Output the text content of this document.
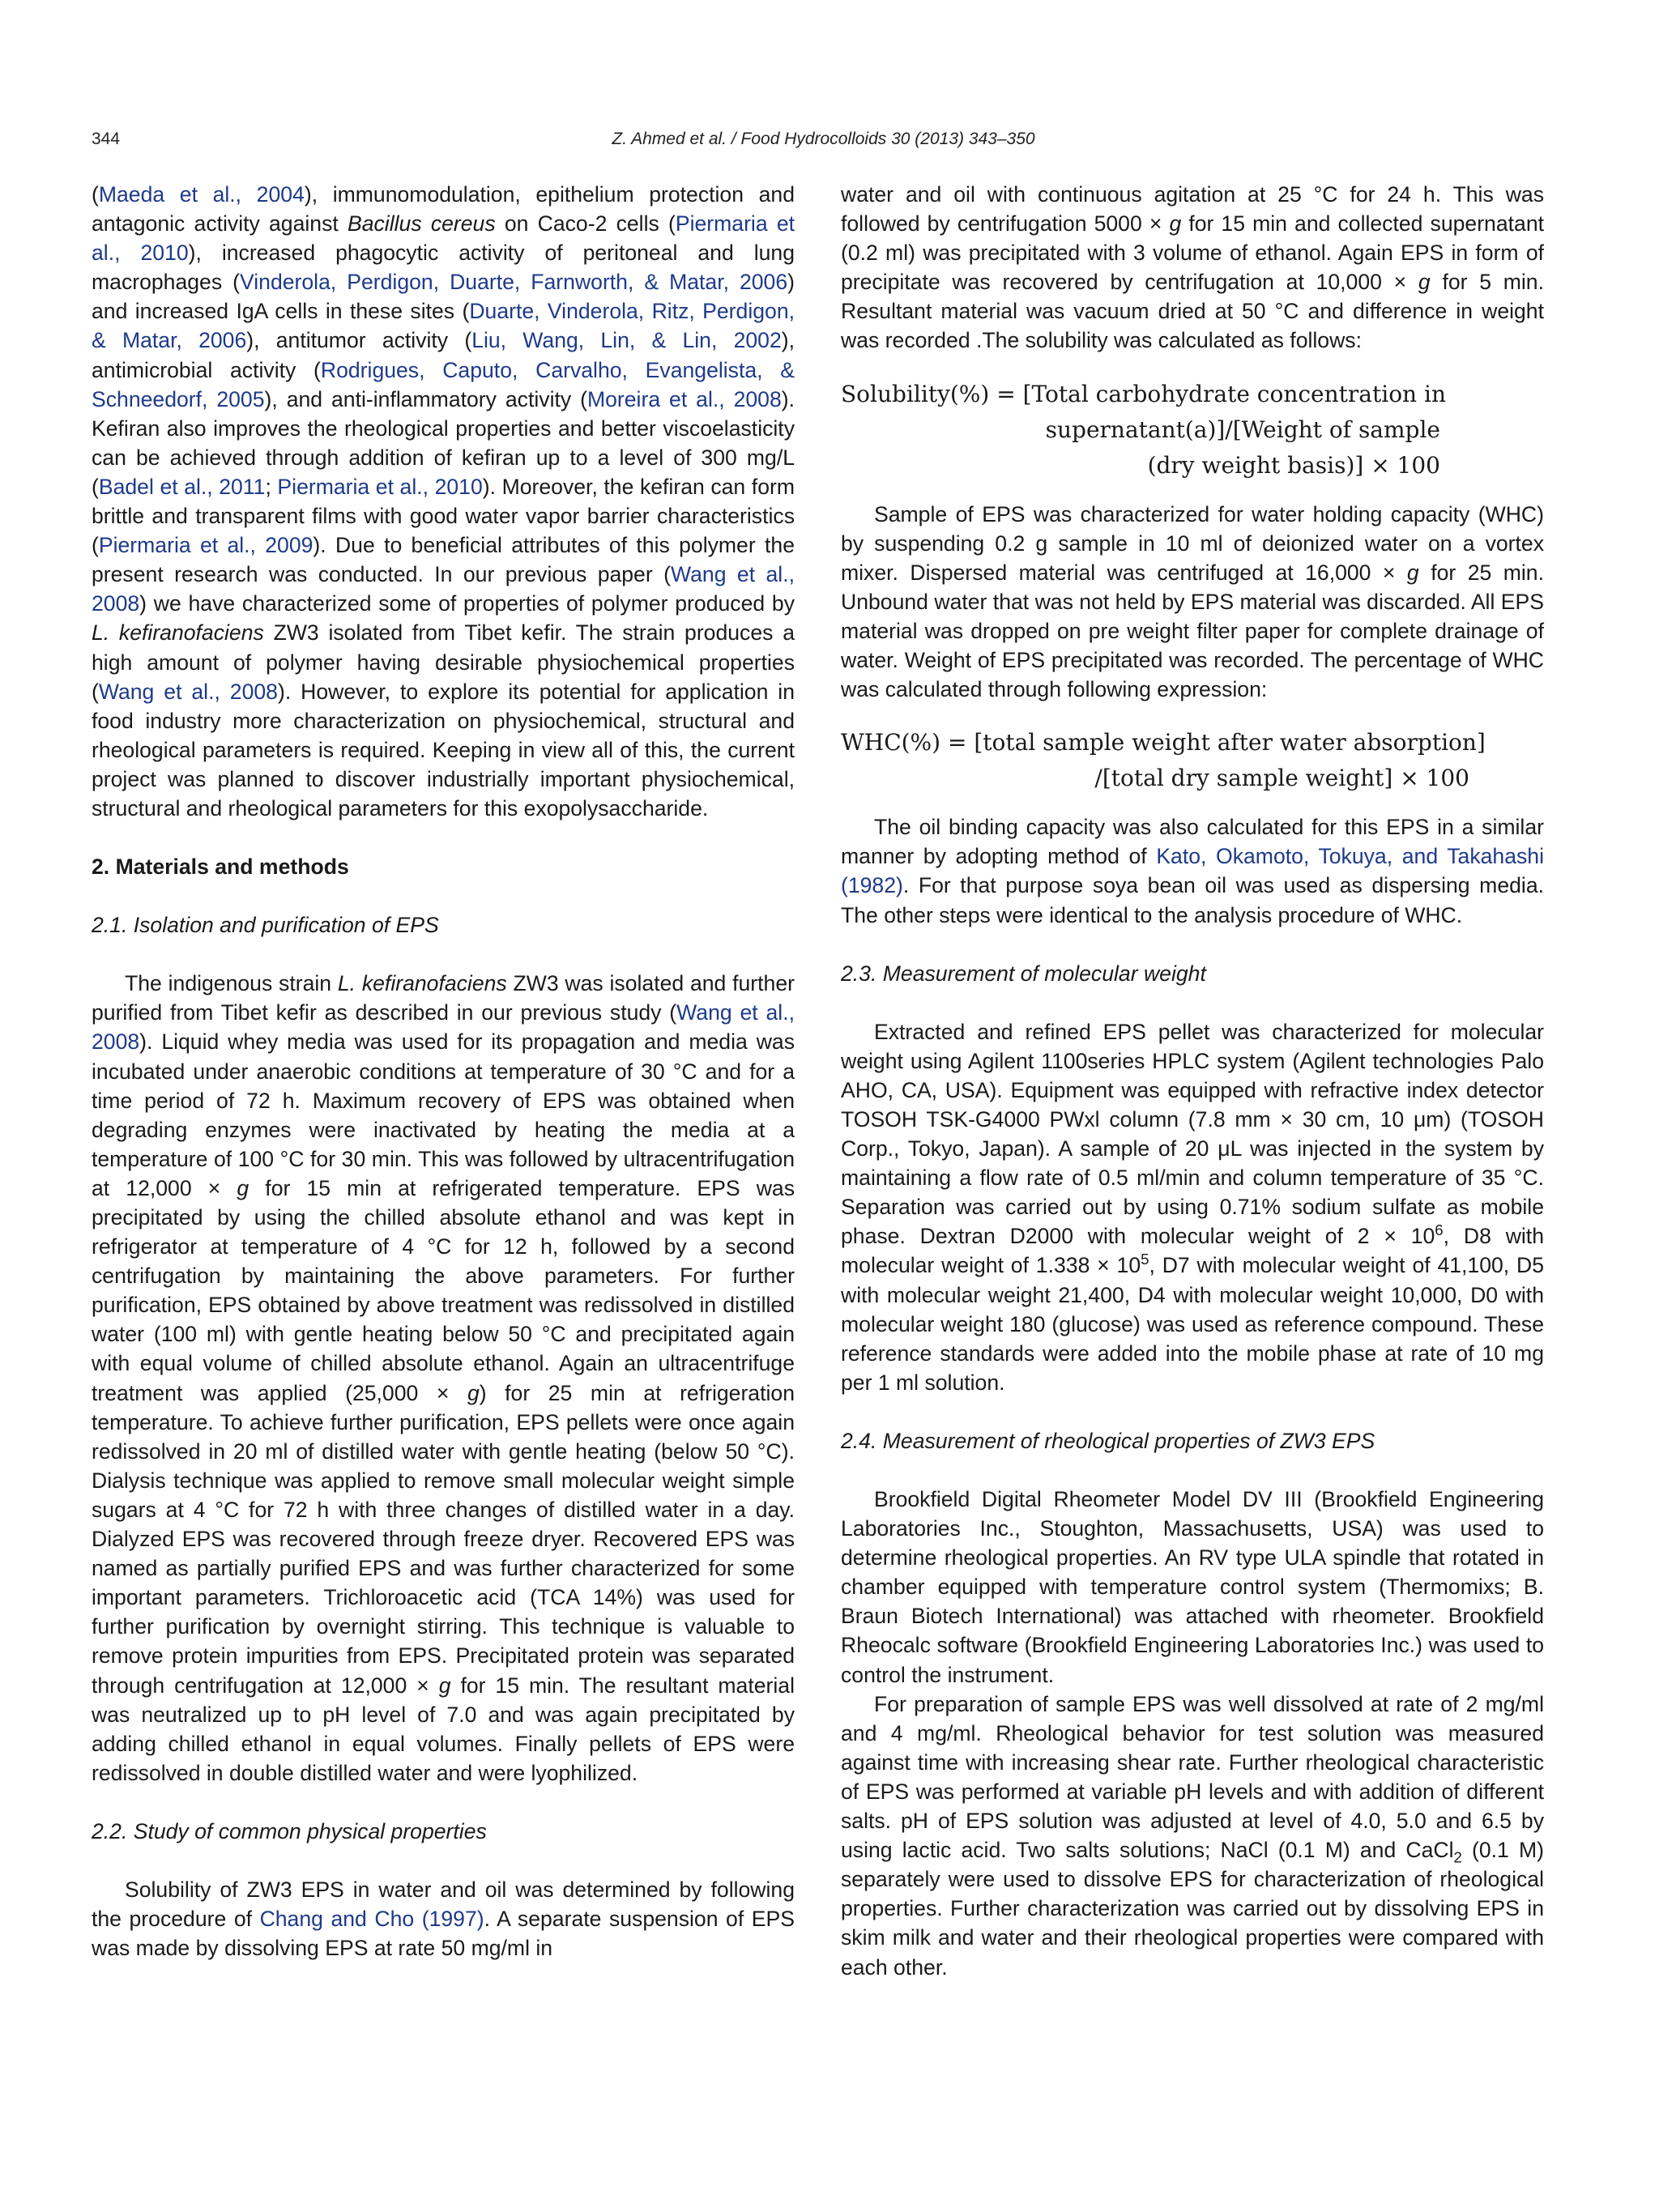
344	Z. Ahmed et al. / Food Hydrocolloids 30 (2013) 343–350

(Maeda et al., 2004), immunomodulation, epithelium protection and antagonic activity against Bacillus cereus on Caco-2 cells (Piermaria et al., 2010), increased phagocytic activity of peritoneal and lung macrophages (Vinderola, Perdigon, Duarte, Farnworth, & Matar, 2006) and increased IgA cells in these sites (Duarte, Vinderola, Ritz, Perdigon, & Matar, 2006), antitumor activity (Liu, Wang, Lin, & Lin, 2002), antimicrobial activity (Rodrigues, Caputo, Carvalho, Evangelista, & Schneedorf, 2005), and anti-inflammatory activity (Moreira et al., 2008). Kefiran also improves the rheological properties and better viscoelasticity can be achieved through addition of kefiran up to a level of 300 mg/L (Badel et al., 2011; Piermaria et al., 2010). Moreover, the kefiran can form brittle and transparent films with good water vapor barrier characteristics (Piermaria et al., 2009). Due to beneficial attributes of this polymer the present research was conducted. In our previous paper (Wang et al., 2008) we have characterized some of properties of polymer produced by L. kefiranofaciens ZW3 isolated from Tibet kefir. The strain produces a high amount of polymer having desirable physiochemical properties (Wang et al., 2008). However, to explore its potential for application in food industry more characterization on physiochemical, structural and rheological parameters is required. Keeping in view all of this, the current project was planned to discover industrially important physiochemical, structural and rheological parameters for this exopolysaccharide.

2. Materials and methods

2.1. Isolation and purification of EPS

The indigenous strain L. kefiranofaciens ZW3 was isolated and further purified from Tibet kefir as described in our previous study (Wang et al., 2008). Liquid whey media was used for its propagation and media was incubated under anaerobic conditions at temperature of 30 °C and for a time period of 72 h. Maximum recovery of EPS was obtained when degrading enzymes were inactivated by heating the media at a temperature of 100 °C for 30 min. This was followed by ultracentrifugation at 12,000 × g for 15 min at refrigerated temperature. EPS was precipitated by using the chilled absolute ethanol and was kept in refrigerator at temperature of 4 °C for 12 h, followed by a second centrifugation by maintaining the above parameters. For further purification, EPS obtained by above treatment was redissolved in distilled water (100 ml) with gentle heating below 50 °C and precipitated again with equal volume of chilled absolute ethanol. Again an ultracentrifuge treatment was applied (25,000 × g) for 25 min at refrigeration temperature. To achieve further purification, EPS pellets were once again redissolved in 20 ml of distilled water with gentle heating (below 50 °C). Dialysis technique was applied to remove small molecular weight simple sugars at 4 °C for 72 h with three changes of distilled water in a day. Dialyzed EPS was recovered through freeze dryer. Recovered EPS was named as partially purified EPS and was further characterized for some important parameters. Trichloroacetic acid (TCA 14%) was used for further purification by overnight stirring. This technique is valuable to remove protein impurities from EPS. Precipitated protein was separated through centrifugation at 12,000 × g for 15 min. The resultant material was neutralized up to pH level of 7.0 and was again precipitated by adding chilled ethanol in equal volumes. Finally pellets of EPS were redissolved in double distilled water and were lyophilized.

2.2. Study of common physical properties

Solubility of ZW3 EPS in water and oil was determined by following the procedure of Chang and Cho (1997). A separate suspension of EPS was made by dissolving EPS at rate 50 mg/ml in

water and oil with continuous agitation at 25 °C for 24 h. This was followed by centrifugation 5000 × g for 15 min and collected supernatant (0.2 ml) was precipitated with 3 volume of ethanol. Again EPS in form of precipitate was recovered by centrifugation at 10,000 × g for 5 min. Resultant material was vacuum dried at 50 °C and difference in weight was recorded .The solubility was calculated as follows:

Solubility(%) = [Total carbohydrate concentration in
supernatant(a)]/[Weight of sample
(dry weight basis)] × 100

Sample of EPS was characterized for water holding capacity (WHC) by suspending 0.2 g sample in 10 ml of deionized water on a vortex mixer. Dispersed material was centrifuged at 16,000 × g for 25 min. Unbound water that was not held by EPS material was discarded. All EPS material was dropped on pre weight filter paper for complete drainage of water. Weight of EPS precipitated was recorded. The percentage of WHC was calculated through following expression:

WHC(%) = [total sample weight after water absorption]
/[total dry sample weight] × 100

The oil binding capacity was also calculated for this EPS in a similar manner by adopting method of Kato, Okamoto, Tokuya, and Takahashi (1982). For that purpose soya bean oil was used as dispersing media. The other steps were identical to the analysis procedure of WHC.

2.3. Measurement of molecular weight

Extracted and refined EPS pellet was characterized for molecular weight using Agilent 1100series HPLC system (Agilent technologies Palo AHO, CA, USA). Equipment was equipped with refractive index detector TOSOH TSK-G4000 PWxl column (7.8 mm × 30 cm, 10 μm) (TOSOH Corp., Tokyo, Japan). A sample of 20 μL was injected in the system by maintaining a flow rate of 0.5 ml/min and column temperature of 35 °C. Separation was carried out by using 0.71% sodium sulfate as mobile phase. Dextran D2000 with molecular weight of $2 \times 10^6$, D8 with molecular weight of $1.338 \times 10^5$, D7 with molecular weight of 41,100, D5 with molecular weight 21,400, D4 with molecular weight 10,000, D0 with molecular weight 180 (glucose) was used as reference compound. These reference standards were added into the mobile phase at rate of 10 mg per 1 ml solution.

2.4. Measurement of rheological properties of ZW3 EPS

Brookfield Digital Rheometer Model DV III (Brookfield Engineering Laboratories Inc., Stoughton, Massachusetts, USA) was used to determine rheological properties. An RV type ULA spindle that rotated in chamber equipped with temperature control system (Thermomixs; B. Braun Biotech International) was attached with rheometer. Brookfield Rheocalc software (Brookfield Engineering Laboratories Inc.) was used to control the instrument.

For preparation of sample EPS was well dissolved at rate of 2 mg/ml and 4 mg/ml. Rheological behavior for test solution was measured against time with increasing shear rate. Further rheological characteristic of EPS was performed at variable pH levels and with addition of different salts. pH of EPS solution was adjusted at level of 4.0, 5.0 and 6.5 by using lactic acid. Two salts solutions; NaCl (0.1 M) and CaCl$_2$ (0.1 M) separately were used to dissolve EPS for characterization of rheological properties. Further characterization was carried out by dissolving EPS in skim milk and water and their rheological properties were compared with each other.
